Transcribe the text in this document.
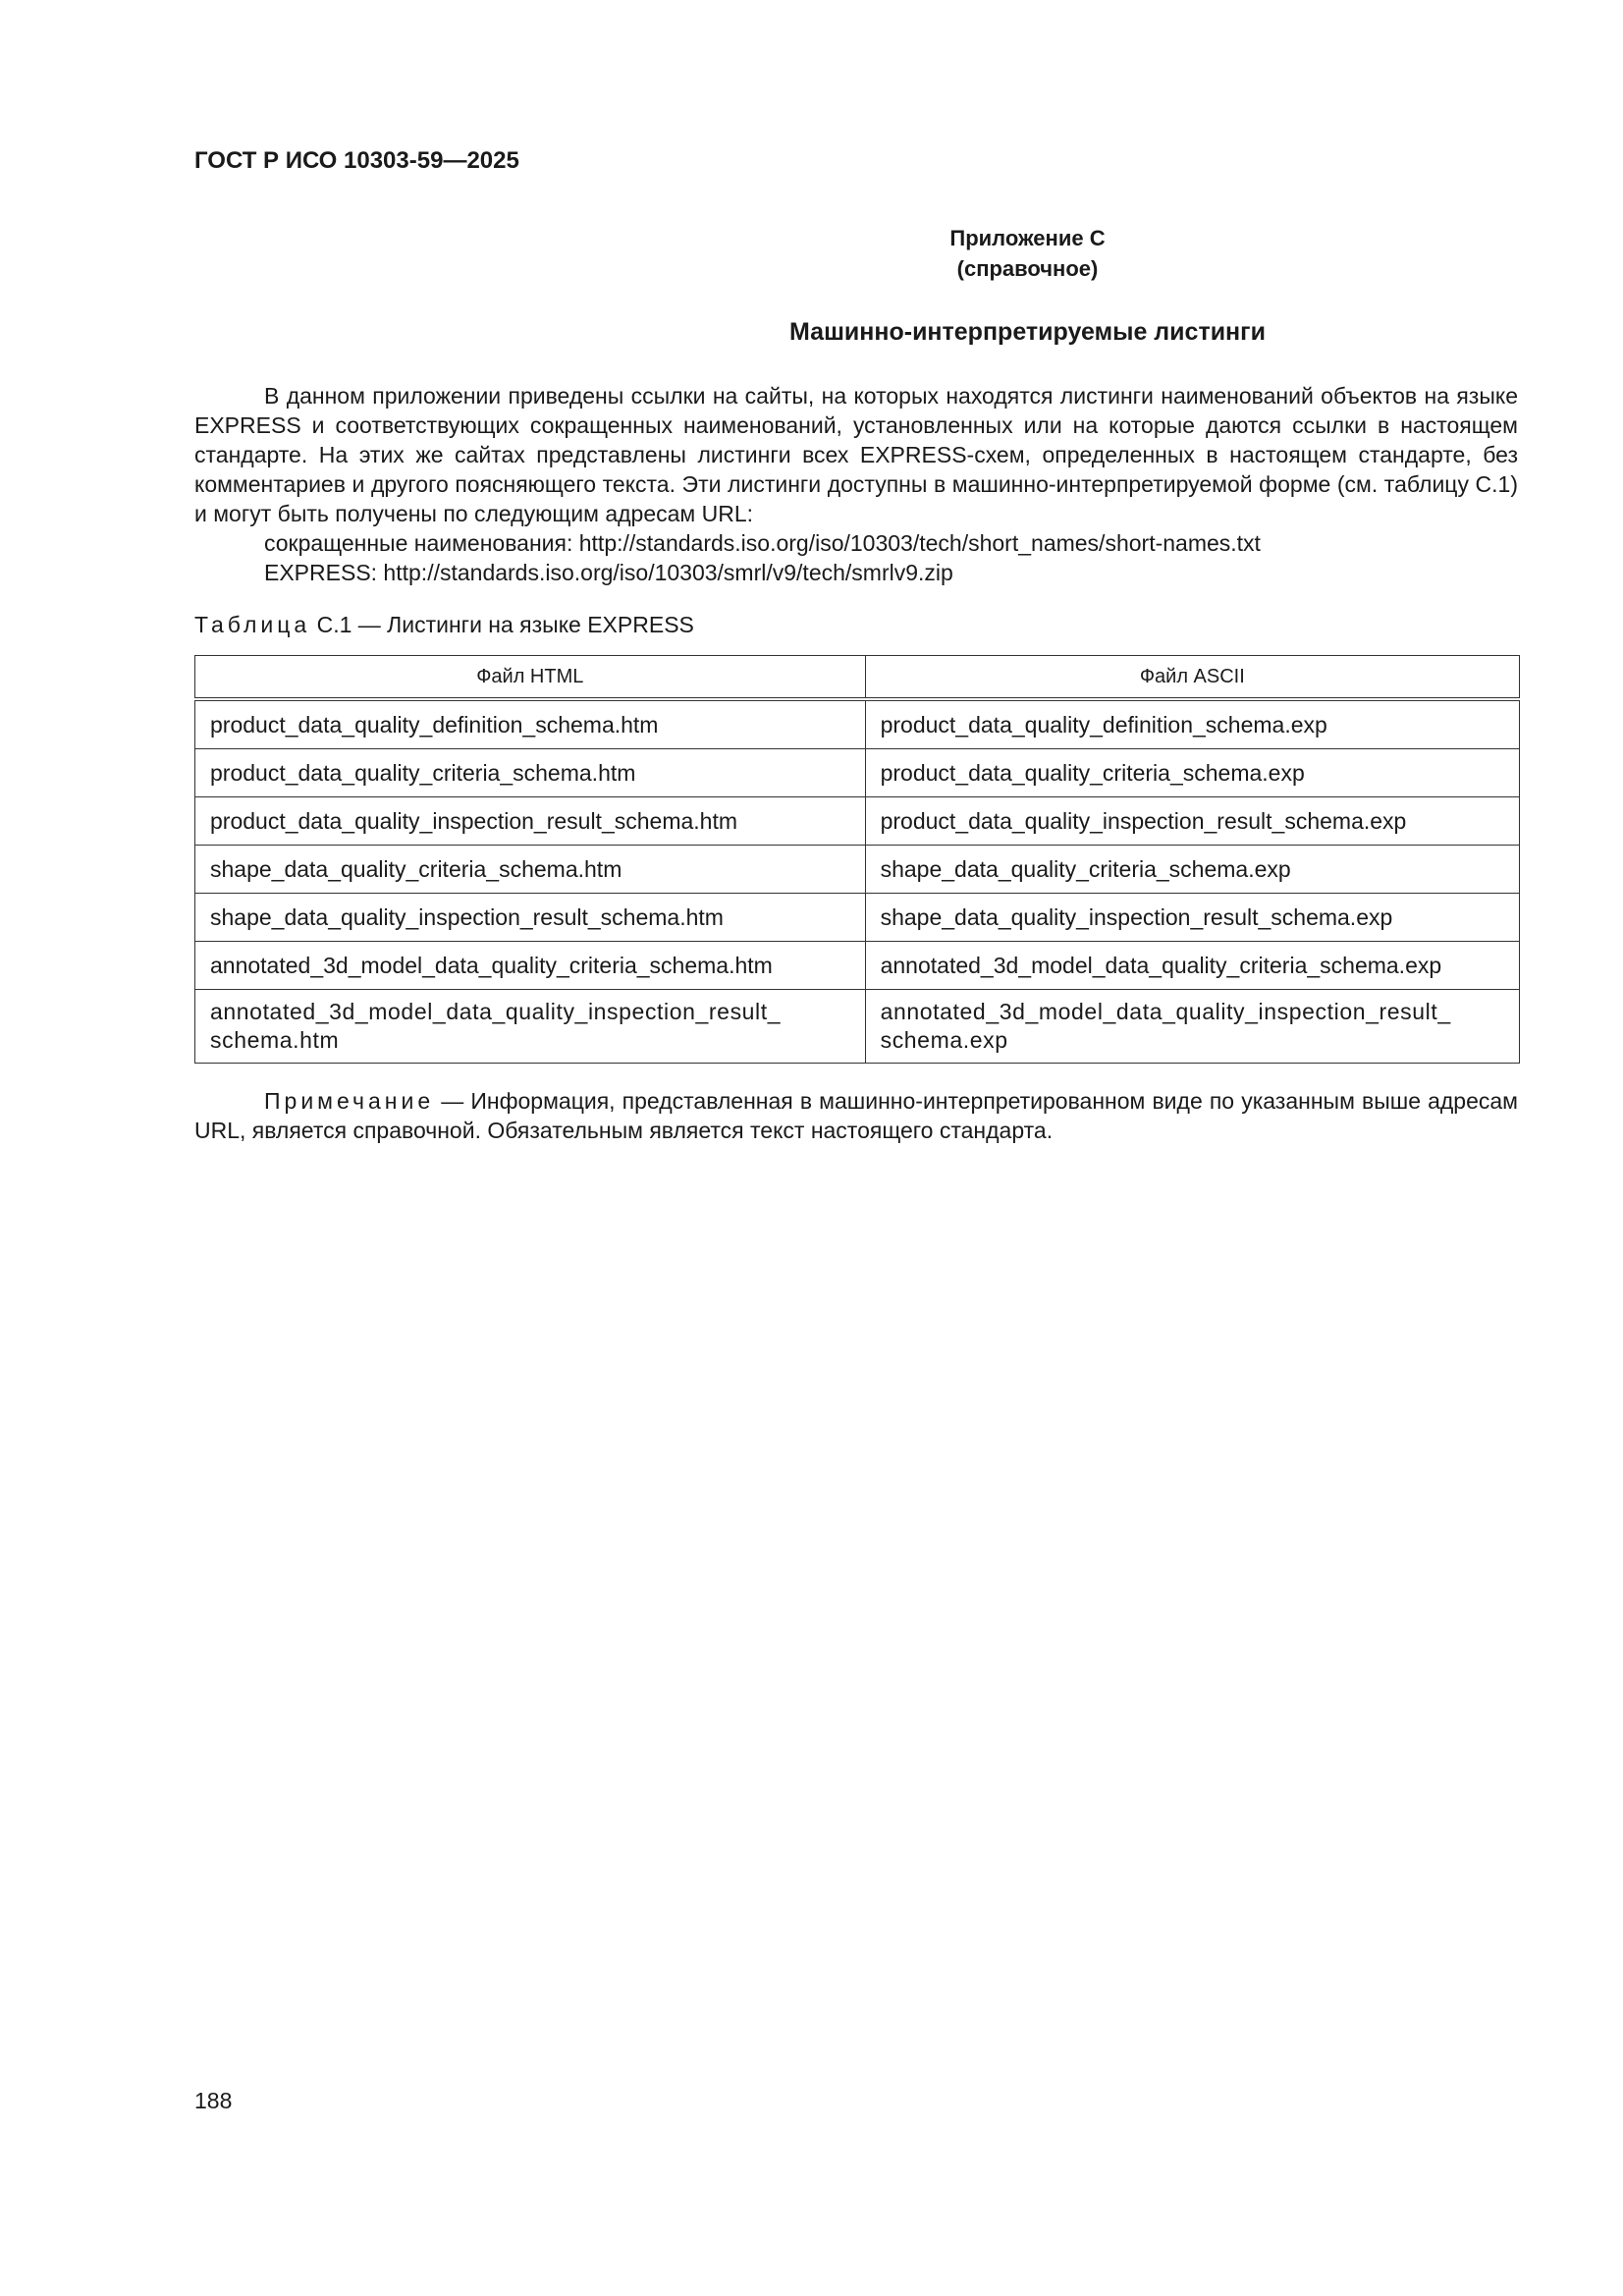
ГОСТ Р ИСО 10303-59—2025
Приложение С
(справочное)
Машинно-интерпретируемые листинги
В данном приложении приведены ссылки на сайты, на которых находятся листинги наименований объектов на языке EXPRESS и соответствующих сокращенных наименований, установленных или на которые даются ссылки в настоящем стандарте. На этих же сайтах представлены листинги всех EXPRESS-схем, определенных в настоящем стандарте, без комментариев и другого поясняющего текста. Эти листинги доступны в машинно-интерпретируемой форме (см. таблицу С.1) и могут быть получены по следующим адресам URL:
сокращенные наименования: http://standards.iso.org/iso/10303/tech/short_names/short-names.txt
EXPRESS: http://standards.iso.org/iso/10303/smrl/v9/tech/smrlv9.zip
Таблица С.1 — Листинги на языке EXPRESS
Файл HTML	Файл ASCII
product_data_quality_definition_schema.htm	product_data_quality_definition_schema.exp
product_data_quality_criteria_schema.htm	product_data_quality_criteria_schema.exp
product_data_quality_inspection_result_schema.htm	product_data_quality_inspection_result_schema.exp
shape_data_quality_criteria_schema.htm	shape_data_quality_criteria_schema.exp
shape_data_quality_inspection_result_schema.htm	shape_data_quality_inspection_result_schema.exp
annotated_3d_model_data_quality_criteria_schema.htm	annotated_3d_model_data_quality_criteria_schema.exp
annotated_3d_model_data_quality_inspection_result_ schema.htm	annotated_3d_model_data_quality_inspection_result_ schema.exp
Примечание — Информация, представленная в машинно-интерпретированном виде по указанным выше адресам URL, является справочной. Обязательным является текст настоящего стандарта.
188
